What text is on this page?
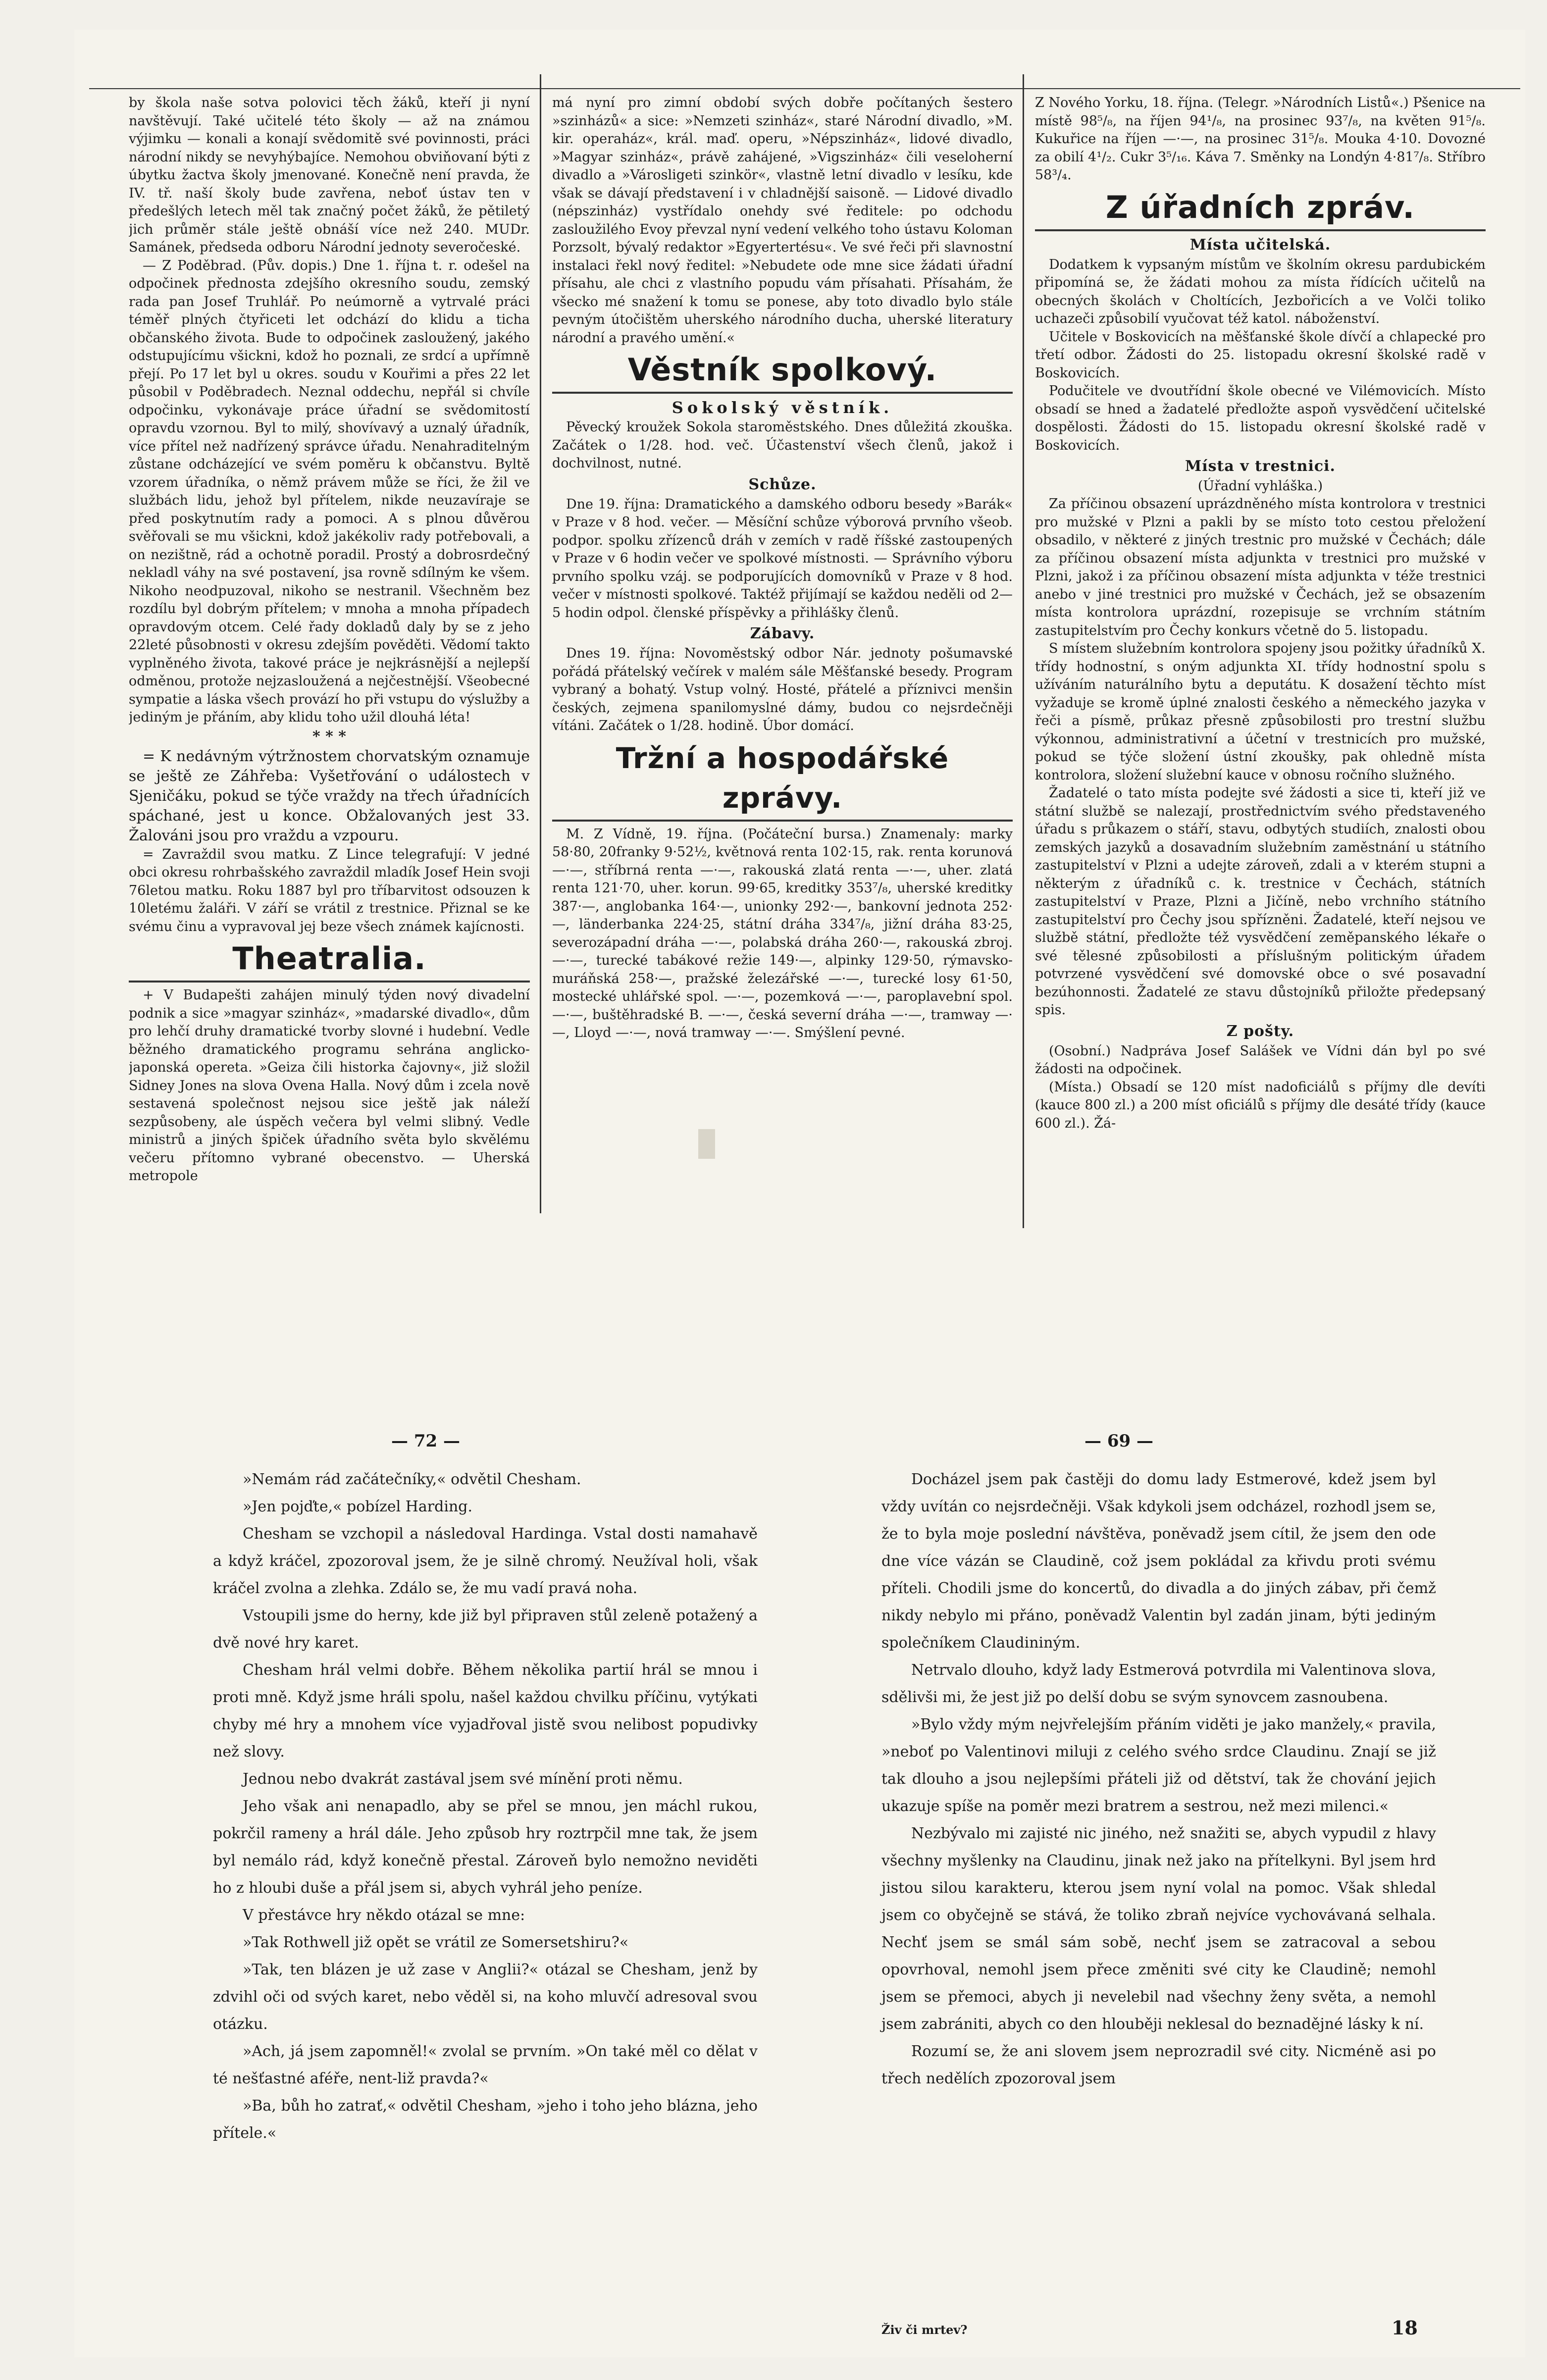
by škola naše sotva polovici těch žáků, kteří ji nyní navštěvují. Také učitelé této školy — až na známou výjimku — konali a konají svědomitě své povinnosti, práci národní nikdy se nevyhýbajíce. Nemohou obviňovaní býti z úbytku žactva školy jmenované. Konečně není pravda, že IV. tř. naší školy bude zavřena, neboť ústav ten v předešlých letech měl tak značný počet žáků, že pětiletý jich průměr stále ještě obnáší více než 240. MUDr. Samánek, předseda odboru Národní jednoty severočeské.

— Z Poděbrad. (Pův. dopis.) Dne 1. října t. r. odešel na odpočinek přednosta zdejšího okresního soudu, zemský rada pan Josef Truhlář. Po neúmorně a vytrvalé práci téměř plných čtyřiceti let odchází do klidu a ticha občanského života. Bude to odpočinek zasloužený, jakého odstupujícímu všickni, kdož ho poznali, ze srdcí a upřímně přejí. Po 17 let byl u okres. soudu v Kouřimi a přes 22 let působil v Poděbradech. Neznal oddechu, nepřál si chvíle odpočinku, vykonávaje práce úřadní se svědomitostí opravdu vzornou. Byl to milý, shovívavý a uznalý úřadník, více přítel než nadřízený správce úřadu. Nenahraditelným zůstane odcházející ve svém poměru k občanstvu. Byltě vzorem úřadníka, o němž právem může se říci, že žil ve službách lidu, jehož byl přítelem, nikde neuzavíraje se před poskytnutím rady a pomoci. A s plnou důvěrou svěřovali se mu všickni, kdož jakékoliv rady potřebovali, a on nezištně, rád a ochotně poradil. Prostý a dobrosrdečný nekladl váhy na své postavení, jsa rovně sdílným ke všem. Nikoho neodpuzoval, nikoho se nestranil. Všechněm bez rozdílu byl dobrým přítelem; v mnoha a mnoha případech opravdovým otcem. Celé řady dokladů daly by se z jeho 22leté působnosti v okresu zdejším pověděti. Vědomí takto vyplněného života, takové práce je nejkrásnější a nejlepší odměnou, protože nejzasloužená a nejčestnější. Všeobecné sympatie a láska všech provází ho při vstupu do výslužby a jediným je přáním, aby klidu toho užil dlouhá léta!

* * *

= K nedávným výtržnostem chorvatským oznamuje se ještě ze Záhřeba: Vyšetřování o událostech v Sjeničáku, pokud se týče vraždy na třech úřadnících spáchané, jest u konce. Obžalovaných jest 33. Žalováni jsou pro vraždu a vzpouru.

= Zavraždil svou matku. Z Lince telegrafují: V jedné obci okresu rohrbašského zavraždil mladík Josef Hein svoji 76letou matku. Roku 1887 byl pro tříbarvitost odsouzen k 10letému žaláři. V září se vrátil z trestnice. Přiznal se ke svému činu a vypravoval jej beze všech známek kajícnosti.

Theatralia.

+ V Budapešti zahájen minulý týden nový divadelní podnik a sice »magyar szinház«, »madarské divadlo«, dům pro lehčí druhy dramatické tvorby slovné i hudební. Vedle běžného dramatického programu sehrána anglicko-japonská opereta. »Geiza čili historka čajovny«, již složil Sidney Jones na slova Ovena Halla. Nový dům i zcela nově sestavená společnost nejsou sice ještě jak náleží sezpůsobeny, ale úspěch večera byl velmi slibný. Vedle ministrů a jiných špiček úřadního světa bylo skvělému večeru přítomno vybrané obecenstvo. — Uherská metropole

má nyní pro zimní období svých dobře počítaných šestero »szinházů« a sice: »Nemzeti szinház«, staré Národní divadlo, »M. kir. operaház«, král. maď. operu, »Népszinház«, lidové divadlo, »Magyar szinház«, právě zahájené, »Vigszinház« čili veseloherní divadlo a »Városligeti szinkör«, vlastně letní divadlo v lesíku, kde však se dávají představení i v chladnější saisoně. — Lidové divadlo (népszinház) vystřídalo onehdy své ředitele: po odchodu zasloužilého Evoy převzal nyní vedení velkého toho ústavu Koloman Porzsolt, bývalý redaktor »Egyertertésu«. Ve své řeči při slavnostní instalaci řekl nový ředitel: »Nebudete ode mne sice žádati úřadní přísahu, ale chci z vlastního popudu vám přísahati. Přísahám, že všecko mé snažení k tomu se ponese, aby toto divadlo bylo stále pevným útočištěm uherského národního ducha, uherské literatury národní a pravého umění.«

Věstník spolkový.
Sokolský věstník.

Pěvecký kroužek Sokola staroměstského. Dnes důležitá zkouška. Začátek o 1/28. hod. več. Účastenství všech členů, jakož i dochvilnost, nutné.

Schůze.

Dne 19. října: Dramatického a damského odboru besedy »Barák« v Praze v 8 hod. večer. — Měsíční schůze výborová prvního všeob. podpor. spolku zřízenců dráh v zemích v radě říšské zastoupených v Praze v 6 hodin večer ve spolkové místnosti. — Správního výboru prvního spolku vzáj. se podporujících domovníků v Praze v 8 hod. večer v místnosti spolkové. Taktéž přijímají se každou neděli od 2—5 hodin odpol. členské příspěvky a přihlášky členů.

Zábavy.

Dnes 19. října: Novoměstský odbor Nár. jednoty pošumavské pořádá přátelský večírek v malém sále Měšťanské besedy. Program vybraný a bohatý. Vstup volný. Hosté, přátelé a příznivci menšin českých, zejmena spanilomyslné dámy, budou co nejsrdečněji vítáni. Začátek o 1/28. hodině. Úbor domácí.

Tržní a hospodářské zprávy.

M. Z Vídně, 19. října. (Počáteční bursa.) Znamenaly: marky 58·80, 20franky 9·52½, květnová renta 102·15, rak. renta korunová —·—, stříbrná renta —·—, rakouská zlatá renta —·—, uher. zlatá renta 121·70, uher. korun. 99·65, kreditky 353⁷/₈, uherské kreditky 387·—, anglobanka 164·—, unionky 292·—, bankovní jednota 252·—, länderbanka 224·25, státní dráha 334⁷/₈, jižní dráha 83·25, severozápadní dráha —·—, polabská dráha 260·—, rakouská zbroj. —·—, turecké tabákové režie 149·—, alpinky 129·50, rýmavsko-muráňská 258·—, pražské železářské —·—, turecké losy 61·50, mostecké uhlářské spol. —·—, pozemková —·—, paroplavební spol. —·—, buštěhradské B. —·—, česká severní dráha —·—, tramway —·—, Lloyd —·—, nová tramway —·—. Smýšlení pevné.

Z Nového Yorku, 18. října. (Telegr. »Národních Listů«.) Pšenice na místě 98⁵/₈, na říjen 94¹/₈, na prosinec 93⁷/₈, na květen 91⁵/₈. Kukuřice na říjen —·—, na prosinec 31⁵/₈. Mouka 4·10. Dovozné za obilí 4¹/₂. Cukr 3⁵/₁₆. Káva 7. Směnky na Londýn 4·81⁷/₈. Stříbro 58³/₄.

Z úřadních zpráv.
Místa učitelská.

Dodatkem k vypsaným místům ve školním okresu pardubickém připomíná se, že žádati mohou za místa řídících učitelů na obecných školách v Choltících, Jezbořicích a ve Volči toliko uchazeči způsobilí vyučovat též katol. náboženství.

Učitele v Boskovicích na měšťanské škole dívčí a chlapecké pro třetí odbor. Žádosti do 25. listopadu okresní školské radě v Boskovicích.

Podučitele ve dvoutřídní škole obecné ve Vilémovicích. Místo obsadí se hned a žadatelé předložte aspoň vysvědčení učitelské dospělosti. Žádosti do 15. listopadu okresní školské radě v Boskovicích.

Místa v trestnici.
(Úřadní vyhláška.)

Za příčinou obsazení uprázdněného místa kontrolora v trestnici pro mužské v Plzni a pakli by se místo toto cestou přeložení obsadilo, v některé z jiných trestnic pro mužské v Čechách; dále za příčinou obsazení místa adjunkta v trestnici pro mužské v Plzni, jakož i za příčinou obsazení místa adjunkta v téže trestnici anebo v jiné trestnici pro mužské v Čechách, jež se obsazením místa kontrolora uprázdní, rozepisuje se vrchním státním zastupitelstvím pro Čechy konkurs včetně do 5. listopadu.

S místem služebním kontrolora spojeny jsou požitky úřadníků X. třídy hodnostní, s oným adjunkta XI. třídy hodnostní spolu s užíváním naturálního bytu a deputátu. K dosažení těchto míst vyžaduje se kromě úplné znalosti českého a německého jazyka v řeči a písmě, průkaz přesně způsobilosti pro trestní službu výkonnou, administrativní a účetní v trestnicích pro mužské, pokud se týče složení ústní zkoušky, pak ohledně místa kontrolora, složení služební kauce v obnosu ročního služného.

Žadatelé o tato místa podejte své žádosti a sice ti, kteří již ve státní službě se nalezají, prostřednictvím svého představeného úřadu s průkazem o stáří, stavu, odbytých studiích, znalosti obou zemských jazyků a dosavadním služebním zaměstnání u státního zastupitelství v Plzni a udejte zároveň, zdali a v kterém stupni a některým z úřadníků c. k. trestnice v Čechách, státních zastupitelství v Praze, Plzni a Jičíně, nebo vrchního státního zastupitelství pro Čechy jsou spřízněni. Žadatelé, kteří nejsou ve službě státní, předložte též vysvědčení zeměpanského lékaře o své tělesné způsobilosti a příslušným politickým úřadem potvrzené vysvědčení své domovské obce o své posavadní bezúhonnosti. Žadatelé ze stavu důstojníků přiložte předepsaný spis.

Z pošty.

(Osobní.) Nadpráva Josef Salášek ve Vídni dán byl po své žádosti na odpočinek.

(Místa.) Obsadí se 120 míst nadoficiálů s příjmy dle devíti (kauce 800 zl.) a 200 míst oficiálů s příjmy dle desáté třídy (kauce 600 zl.). Žá-

— 72 —	— 69 —

»Nemám rád začátečníky,« odvětil Chesham.

»Jen pojďte,« pobízel Harding.

Chesham se vzchopil a následoval Hardinga. Vstal dosti namahavě a když kráčel, zpozoroval jsem, že je silně chromý. Neužíval holi, však kráčel zvolna a zlehka. Zdálo se, že mu vadí pravá noha.

Vstoupili jsme do herny, kde již byl připraven stůl zeleně potažený a dvě nové hry karet.

Chesham hrál velmi dobře. Během několika partií hrál se mnou i proti mně. Když jsme hráli spolu, našel každou chvilku příčinu, vytýkati chyby mé hry a mnohem více vyjadřoval jistě svou nelibost popudivky než slovy.

Jednou nebo dvakrát zastával jsem své mínění proti němu.

Jeho však ani nenapadlo, aby se přel se mnou, jen máchl rukou, pokrčil rameny a hrál dále. Jeho způsob hry roztrpčil mne tak, že jsem byl nemálo rád, když konečně přestal. Zároveň bylo nemožno neviděti ho z hloubi duše a přál jsem si, abych vyhrál jeho peníze.

V přestávce hry někdo otázal se mne:

»Tak Rothwell již opět se vrátil ze Somersetshiru?«

»Tak, ten blázen je už zase v Anglii?« otázal se Chesham, jenž by zdvihl oči od svých karet, nebo věděl si, na koho mluvčí adresoval svou otázku.

»Ach, já jsem zapomněl!« zvolal se prvním. »On také měl co dělat v té nešťastné aféře, nent-liž pravda?«

»Ba, bůh ho zatrať,« odvětil Chesham, »jeho i toho jeho blázna, jeho přítele.«

Docházel jsem pak častěji do domu lady Estmerové, kdež jsem byl vždy uvítán co nejsrdečněji. Však kdykoli jsem odcházel, rozhodl jsem se, že to byla moje poslední návštěva, poněvadž jsem cítil, že jsem den ode dne více vázán se Claudině, což jsem pokládal za křivdu proti svému příteli. Chodili jsme do koncertů, do divadla a do jiných zábav, při čemž nikdy nebylo mi přáno, poněvadž Valentin byl zadán jinam, býti jediným společníkem Claudininým.

Netrvalo dlouho, když lady Estmerová potvrdila mi Valentinova slova, sdělivši mi, že jest již po delší dobu se svým synovcem zasnoubena.

»Bylo vždy mým nejvřelejším přáním viděti je jako manžely,« pravila, »neboť po Valentinovi miluji z celého svého srdce Claudinu. Znají se již tak dlouho a jsou nejlepšími přáteli již od dětství, tak že chování jejich ukazuje spíše na poměr mezi bratrem a sestrou, než mezi milenci.«

Nezbývalo mi zajisté nic jiného, než snažiti se, abych vypudil z hlavy všechny myšlenky na Claudinu, jinak než jako na přítelkyni. Byl jsem hrd jistou silou karakteru, kterou jsem nyní volal na pomoc. Však shledal jsem co obyčejně se stává, že toliko zbraň nejvíce vychovávaná selhala. Nechť jsem se smál sám sobě, nechť jsem se zatracoval a sebou opovrhoval, nemohl jsem přece změniti své city ke Claudině; nemohl jsem se přemoci, abych ji nevelebil nad všechny ženy světa, a nemohl jsem zabrániti, abych co den hlouběji neklesal do beznadějné lásky k ní.

Rozumí se, že ani slovem jsem neprozradil své city. Nicméně asi po třech nedělích zpozoroval jsem

Živ či mrtev?	18
